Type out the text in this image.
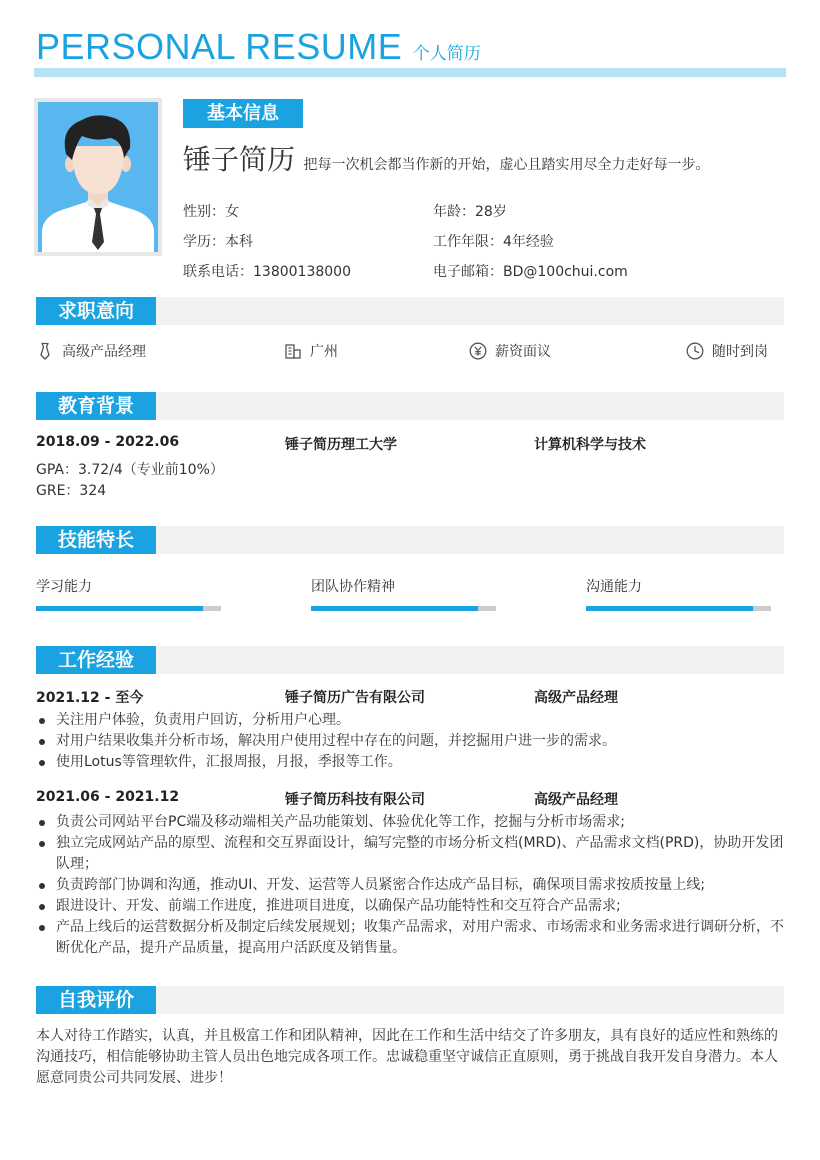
PERSONAL RESUME 个人简历
基本信息
锤子简历 把每一次机会都当作新的开始，虚心且踏实用尽全力走好每一步。
性别：女	年龄：28岁
学历：本科	工作年限：4年经验
联系电话：13800138000	电子邮箱：BD@100chui.com
求职意向
高级产品经理	广州	薪资面议	随时到岗
教育背景
2018.09 - 2022.06	锤子简历理工大学	计算机科学与技术
GPA：3.72/4（专业前10%）
GRE：324
技能特长
学习能力	团队协作精神	沟通能力
工作经验
2021.12 - 至今	锤子简历广告有限公司	高级产品经理
关注用户体验，负责用户回访，分析用户心理。
对用户结果收集并分析市场，解决用户使用过程中存在的问题，并挖掘用户进一步的需求。
使用Lotus等管理软件，汇报周报，月报，季报等工作。
2021.06 - 2021.12	锤子简历科技有限公司	高级产品经理
负责公司网站平台PC端及移动端相关产品功能策划、体验优化等工作，挖掘与分析市场需求;
独立完成网站产品的原型、流程和交互界面设计，编写完整的市场分析文档(MRD)、产品需求文档(PRD)，协助开发团队理；
负责跨部门协调和沟通，推动UI、开发、运营等人员紧密合作达成产品目标，确保项目需求按质按量上线;
跟进设计、开发、前端工作进度，推进项目进度，以确保产品功能特性和交互符合产品需求;
产品上线后的运营数据分析及制定后续发展规划；收集产品需求，对用户需求、市场需求和业务需求进行调研分析，不断优化产品，提升产品质量，提高用户活跃度及销售量。
自我评价
本人对待工作踏实，认真，并且极富工作和团队精神，因此在工作和生活中结交了许多朋友，具有良好的适应性和熟练的沟通技巧，相信能够协助主管人员出色地完成各项工作。忠诚稳重坚守诚信正直原则，勇于挑战自我开发自身潜力。本人愿意同贵公司共同发展、进步！
